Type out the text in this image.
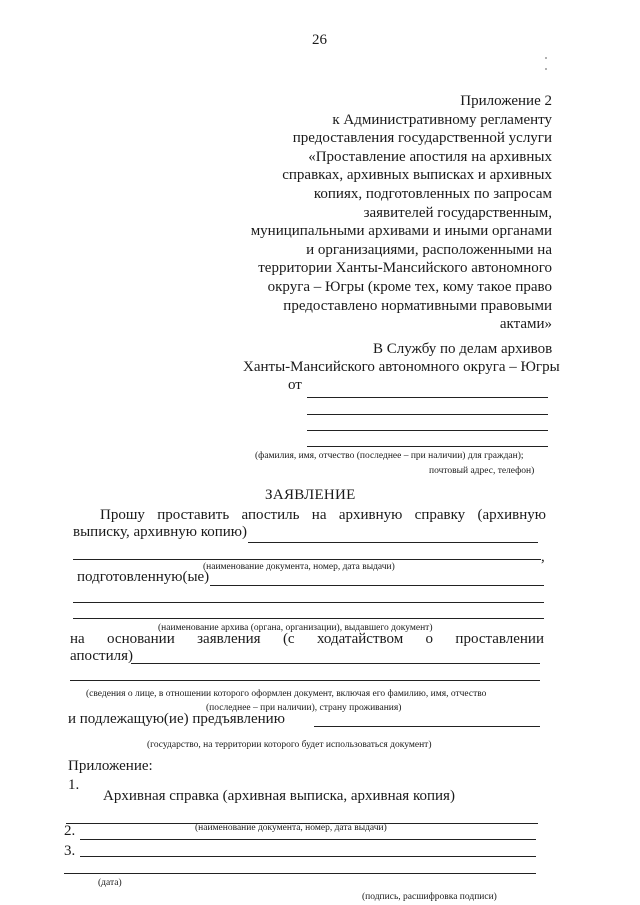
26
Приложение 2
к Административному регламенту
предоставления государственной услуги
«Проставление апостиля на архивных
справках, архивных выписках и архивных
копиях, подготовленных по запросам
заявителей государственным,
муниципальными архивами и иными органами
и организациями, расположенными на
территории Ханты-Мансийского автономного
округа – Югры (кроме тех, кому такое право
предоставлено нормативными правовыми
актами»
В Службу по делам архивов
Ханты-Мансийского автономного округа – Югры
от
(фамилия, имя, отчество (последнее – при наличии) для граждан);
почтовый адрес, телефон)
ЗАЯВЛЕНИЕ
Прошу проставить апостиль на архивную справку (архивную
выписку, архивную копию)
,
(наименование документа, номер, дата выдачи)
подготовленную(ые)
(наименование архива (органа, организации), выдавшего документ)
на основании заявления (с ходатайством о проставлении
апостиля)
(сведения о лице, в отношении которого оформлен документ, включая его фамилию, имя, отчество
(последнее – при наличии), страну проживания)
и подлежащую(ие) предъявлению
(государство, на территории которого будет использоваться документ)
Приложение:
1.
Архивная справка (архивная выписка, архивная копия)
(наименование документа, номер, дата выдачи)
2.
3.
(дата)
(подпись, расшифровка подписи)
